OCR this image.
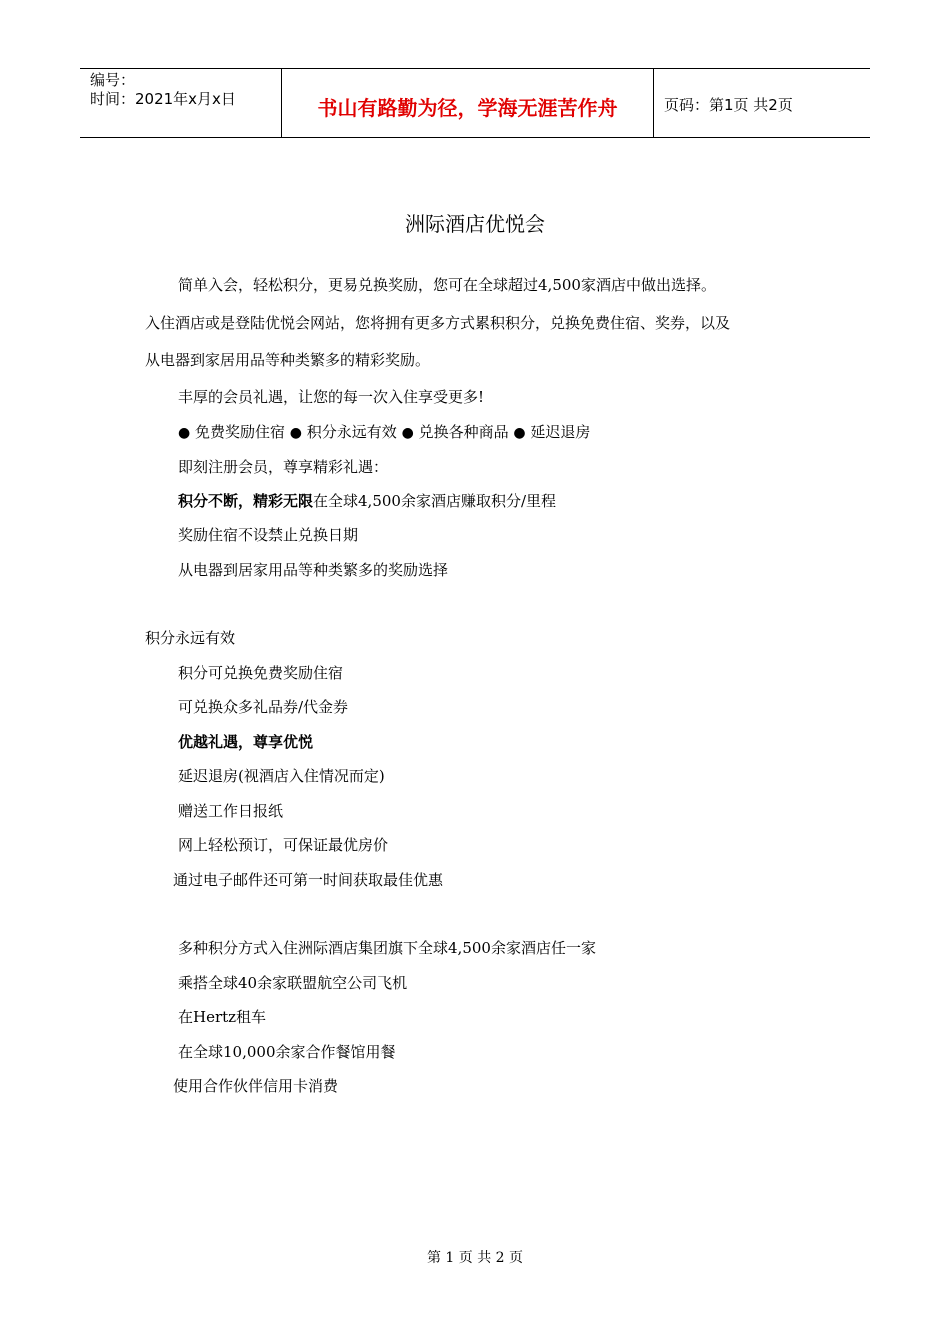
编号：
时间：2021年x月x日	书山有路勤为径，学海无涯苦作舟	页码：第1页 共2页
洲际酒店优悦会
简单入会，轻松积分，更易兑换奖励，您可在全球超过4,500家酒店中做出选择。
入住酒店或是登陆优悦会网站，您将拥有更多方式累积积分，兑换免费住宿、奖券，以及
从电器到家居用品等种类繁多的精彩奖励。
丰厚的会员礼遇，让您的每一次入住享受更多!
● 免费奖励住宿 ● 积分永远有效 ● 兑换各种商品 ● 延迟退房
即刻注册会员，尊享精彩礼遇：
积分不断，精彩无限在全球4,500余家酒店赚取积分/里程
奖励住宿不设禁止兑换日期
从电器到居家用品等种类繁多的奖励选择
积分永远有效
积分可兑换免费奖励住宿
可兑换众多礼品券/代金券
优越礼遇，尊享优悦
延迟退房(视酒店入住情况而定)
赠送工作日报纸
网上轻松预订，可保证最优房价
通过电子邮件还可第一时间获取最佳优惠
多种积分方式入住洲际酒店集团旗下全球4,500余家酒店任一家
乘搭全球40余家联盟航空公司飞机
在Hertz租车
在全球10,000余家合作餐馆用餐
使用合作伙伴信用卡消费
第 1 页 共 2 页
